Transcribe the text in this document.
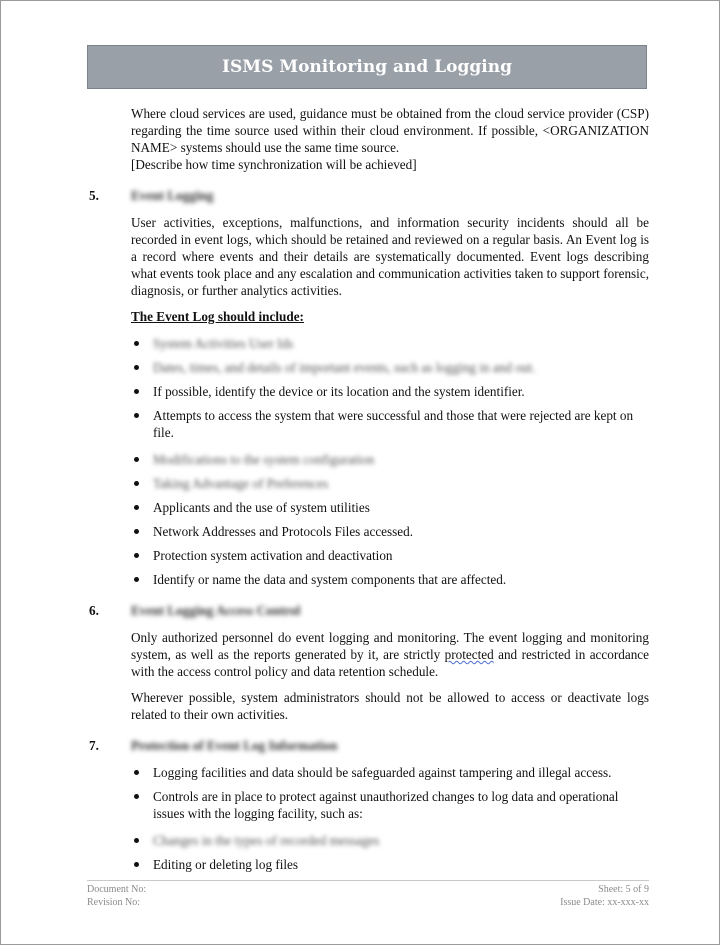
ISMS Monitoring and Logging

Where cloud services are used, guidance must be obtained from the cloud service provider (CSP) regarding the time source used within their cloud environment. If possible, <ORGANIZATION NAME> systems should use the same time source.
[Describe how time synchronization will be achieved]

5.	Event Logging

User activities, exceptions, malfunctions, and information security incidents should all be recorded in event logs, which should be retained and reviewed on a regular basis. An Event log is a record where events and their details are systematically documented. Event logs describing what events took place and any escalation and communication activities taken to support forensic, diagnosis, or further analytics activities.

The Event Log should include:
System Activities User Ids
Dates, times, and details of important events, such as logging in and out.
If possible, identify the device or its location and the system identifier.
Attempts to access the system that were successful and those that were rejected are kept on file.
Modifications to the system configuration
Taking Advantage of Preferences
Applicants and the use of system utilities
Network Addresses and Protocols Files accessed.
Protection system activation and deactivation
Identify or name the data and system components that are affected.
6.	Event Logging Access Control

Only authorized personnel do event logging and monitoring. The event logging and monitoring system, as well as the reports generated by it, are strictly protected and restricted in accordance with the access control policy and data retention schedule.

Wherever possible, system administrators should not be allowed to access or deactivate logs related to their own activities.

7.	Protection of Event Log Information
Logging facilities and data should be safeguarded against tampering and illegal access.
Controls are in place to protect against unauthorized changes to log data and operational issues with the logging facility, such as:
Changes in the types of recorded messages
Editing or deleting log files
Document No:
Revision No:
Sheet: 5 of 9
Issue Date: xx-xxx-xx
